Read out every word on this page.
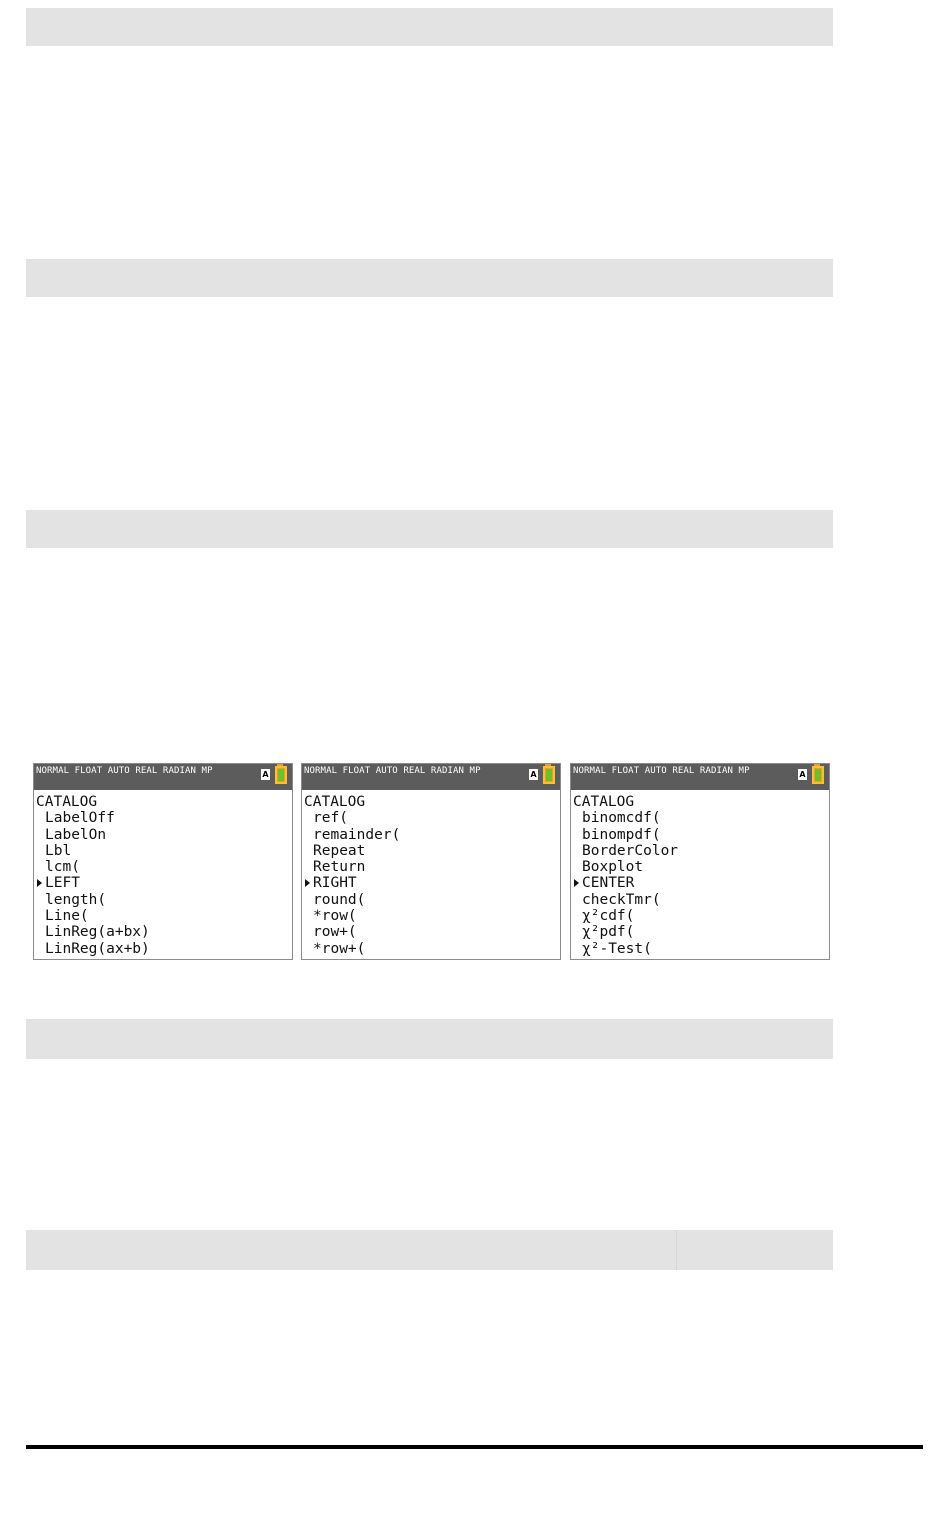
NORMAL FLOAT AUTO REAL RADIAN MP	A
CATALOG
LabelOff
LabelOn
Lbl
lcm(
LEFT
length(
Line(
LinReg(a+bx)
LinReg(ax+b)
NORMAL FLOAT AUTO REAL RADIAN MP	A
CATALOG
ref(
remainder(
Repeat
Return
RIGHT
round(
*row(
row+(
*row+(
NORMAL FLOAT AUTO REAL RADIAN MP	A
CATALOG
binomcdf(
binompdf(
BorderColor
Boxplot
CENTER
checkTmr(
χ²cdf(
χ²pdf(
χ²-Test(
